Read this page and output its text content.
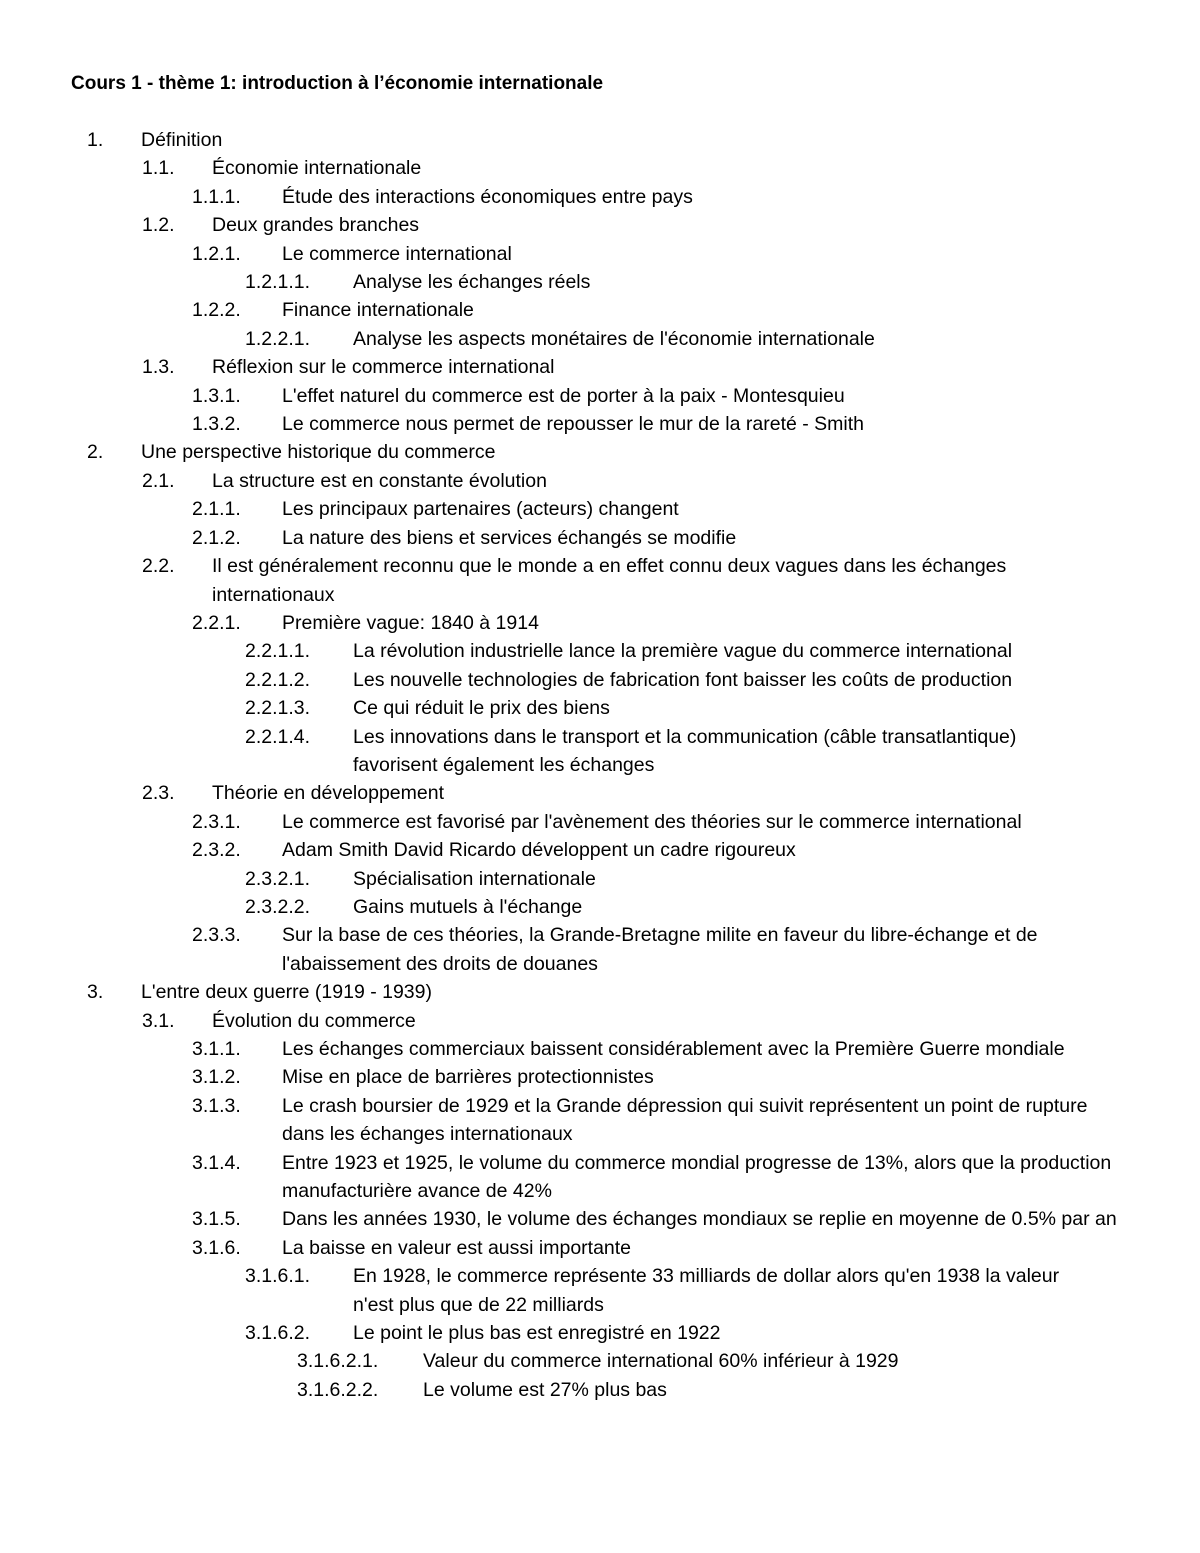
Cours 1 - thème 1: introduction à l’économie internationale
1.	Définition
1.1.	Économie internationale
1.1.1.	Étude des interactions économiques entre pays
1.2.	Deux grandes branches
1.2.1.	Le commerce international
1.2.1.1.	Analyse les échanges réels
1.2.2.	Finance internationale
1.2.2.1.	Analyse les aspects monétaires de l'économie internationale
1.3.	Réflexion sur le commerce international
1.3.1.	L'effet naturel du commerce est de porter à la paix - Montesquieu
1.3.2.	Le commerce nous permet de repousser le mur de la rareté - Smith
2.	Une perspective historique du commerce
2.1.	La structure est en constante évolution
2.1.1.	Les principaux partenaires (acteurs) changent
2.1.2.	La nature des biens et services échangés se modifie
2.2.	Il est généralement reconnu que le monde a en effet connu deux vagues dans les échanges internationaux
2.2.1.	Première vague: 1840 à 1914
2.2.1.1.	La révolution industrielle lance la première vague du commerce international
2.2.1.2.	Les nouvelle technologies de fabrication font baisser les coûts de production
2.2.1.3.	Ce qui réduit le prix des biens
2.2.1.4.	Les innovations dans le transport et la communication (câble transatlantique) favorisent également les échanges
2.3.	Théorie en développement
2.3.1.	Le commerce est favorisé par l'avènement des théories sur le commerce international
2.3.2.	Adam Smith David Ricardo développent un cadre rigoureux
2.3.2.1.	Spécialisation internationale
2.3.2.2.	Gains mutuels à l'échange
2.3.3.	Sur la base de ces théories, la Grande-Bretagne milite en faveur du libre-échange et de l'abaissement des droits de douanes
3.	L'entre deux guerre (1919 - 1939)
3.1.	Évolution du commerce
3.1.1.	Les échanges commerciaux baissent considérablement avec la Première Guerre mondiale
3.1.2.	Mise en place de barrières protectionnistes
3.1.3.	Le crash boursier de 1929 et la Grande dépression qui suivit représentent un point de rupture dans les échanges internationaux
3.1.4.	Entre 1923 et 1925, le volume du commerce mondial progresse de 13%, alors que la production manufacturière avance de 42%
3.1.5.	Dans les années 1930, le volume des échanges mondiaux se replie en moyenne de 0.5% par an
3.1.6.	La baisse en valeur est aussi importante
3.1.6.1.	En 1928, le commerce représente 33 milliards de dollar alors qu'en 1938 la valeur n'est plus que de 22 milliards
3.1.6.2.	Le point le plus bas est enregistré en 1922
3.1.6.2.1.	Valeur du commerce international 60% inférieur à 1929
3.1.6.2.2.	Le volume est 27% plus bas
